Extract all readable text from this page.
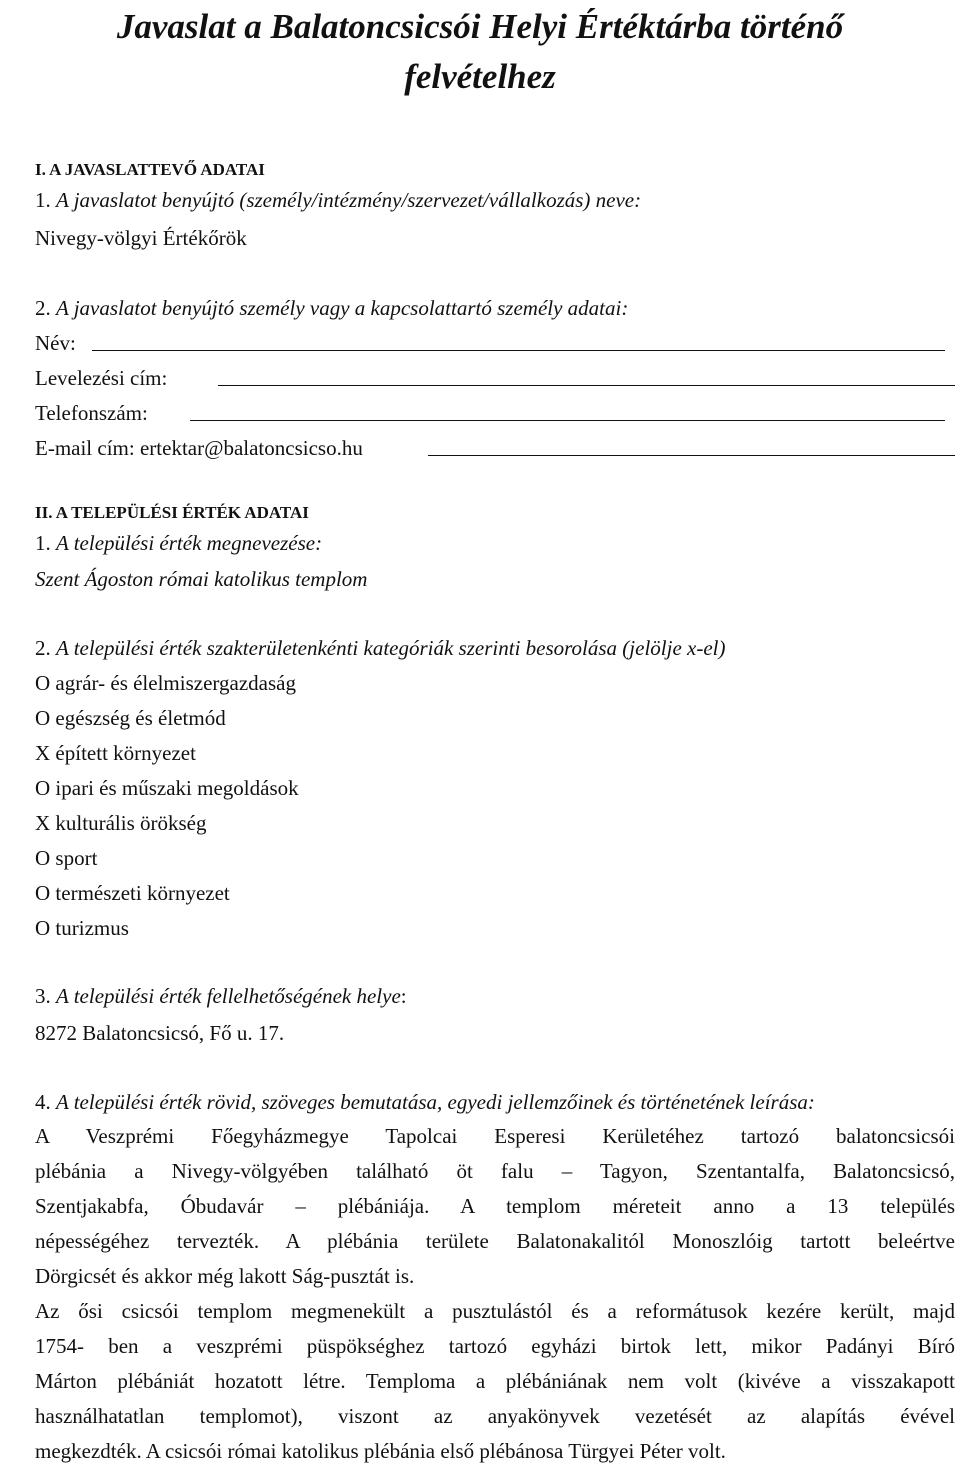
Javaslat a Balatoncsicsói Helyi Értéktárba történő
felvételhez
I. A JAVASLATTEVŐ ADATAI
1. A javaslatot benyújtó (személy/intézmény/szervezet/vállalkozás) neve:
Nivegy-völgyi Értékőrök
2. A javaslatot benyújtó személy vagy a kapcsolattartó személy adatai:
Név:
Levelezési cím:
Telefonszám:
E-mail cím: ertektar@balatoncsicso.hu
II. A TELEPÜLÉSI ÉRTÉK ADATAI
1. A települési érték megnevezése:
Szent Ágoston római katolikus templom
2. A települési érték szakterületenkénti kategóriák szerinti besorolása (jelölje x-el)
O agrár- és élelmiszergazdaság
O egészség és életmód
X épített környezet
O ipari és műszaki megoldások
X kulturális örökség
O sport
O természeti környezet
O turizmus
3. A települési érték fellelhetőségének helye:
8272 Balatoncsicsó, Fő u. 17.
4. A települési érték rövid, szöveges bemutatása, egyedi jellemzőinek és történetének leírása:
A Veszprémi Főegyházmegye Tapolcai Esperesi Kerületéhez tartozó balatoncsicsói
plébánia a Nivegy-völgyében található öt falu – Tagyon, Szentantalfa, Balatoncsicsó,
Szentjakabfa, Óbudavár – plébániája. A templom méreteit anno a 13 település
népességéhez tervezték. A plébánia területe Balatonakalitól Monoszlóig tartott beleértve
Dörgicsét és akkor még lakott Ság-pusztát is.
Az ősi csicsói templom megmenekült a pusztulástól és a reformátusok kezére került, majd
1754- ben a veszprémi püspökséghez tartozó egyházi birtok lett, mikor Padányi Bíró
Márton plébániát hozatott létre. Temploma a plébániának nem volt (kivéve a visszakapott
használhatatlan templomot), viszont az anyakönyvek vezetését az alapítás évével
megkezdték. A csicsói római katolikus plébánia első plébánosa Türgyei Péter volt.
